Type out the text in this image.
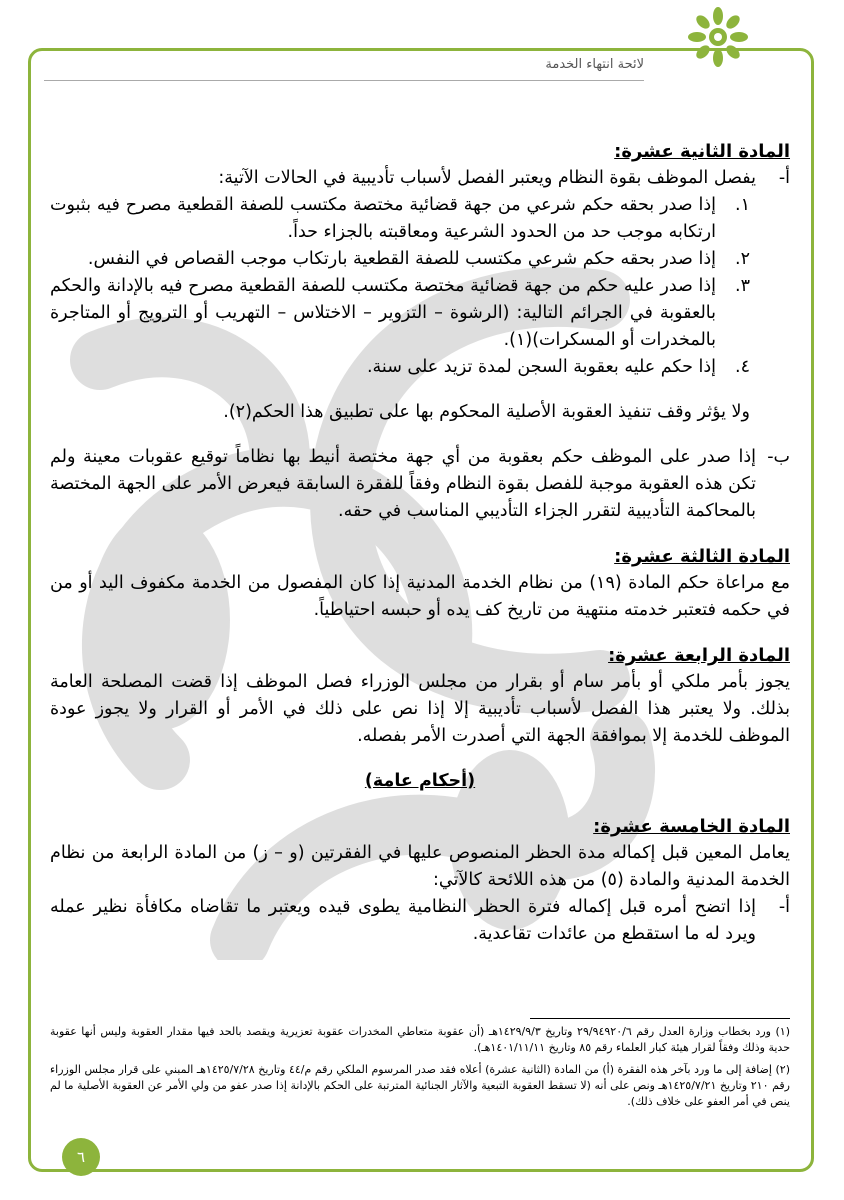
لائحة انتهاء الخدمة
المادة الثانية عشرة:
أ-
يفصل الموظف بقوة النظام ويعتبر الفصل لأسباب تأديبية في الحالات الآتية:
١.
إذا صدر بحقه حكم شرعي من جهة قضائية مختصة مكتسب للصفة القطعية مصرح فيه بثبوت ارتكابه موجب حد من الحدود الشرعية ومعاقبته بالجزاء حداً.
٢.
إذا صدر بحقه حكم شرعي مكتسب للصفة القطعية بارتكاب موجب القصاص في النفس.
٣.
إذا صدر عليه حكم من جهة قضائية مختصة مكتسب للصفة القطعية مصرح فيه بالإدانة والحكم بالعقوبة في الجرائم التالية: (الرشوة – التزوير – الاختلاس – التهريب أو الترويج أو المتاجرة بالمخدرات أو المسكرات)(١).
٤.
إذا حكم عليه بعقوبة السجن لمدة تزيد على سنة.

ولا يؤثر وقف تنفيذ العقوبة الأصلية المحكوم بها على تطبيق هذا الحكم(٢).

ب-
إذا صدر على الموظف حكم بعقوبة من أي جهة مختصة أنيط بها نظاماً توقيع عقوبات معينة ولم تكن هذه العقوبة موجبة للفصل بقوة النظام وفقاً للفقرة السابقة فيعرض الأمر على الجهة المختصة بالمحاكمة التأديبية لتقرر الجزاء التأديبي المناسب في حقه.
المادة الثالثة عشرة:

مع مراعاة حكم المادة (١٩) من نظام الخدمة المدنية إذا كان المفصول من الخدمة مكفوف اليد أو من في حكمه فتعتبر خدمته منتهية من تاريخ كف يده أو حبسه احتياطياً.

المادة الرابعة عشرة:

يجوز بأمر ملكي أو بأمر سام أو بقرار من مجلس الوزراء فصل الموظف إذا قضت المصلحة العامة بذلك. ولا يعتبر هذا الفصل لأسباب تأديبية إلا إذا نص على ذلك في الأمر أو القرار ولا يجوز عودة الموظف للخدمة إلا بموافقة الجهة التي أصدرت الأمر بفصله.

(أحكام عامة)

المادة الخامسة عشرة:

يعامل المعين قبل إكماله مدة الحظر المنصوص عليها في الفقرتين (و – ز) من المادة الرابعة من نظام الخدمة المدنية والمادة (٥) من هذه اللائحة كالآتي:

أ-
إذا اتضح أمره قبل إكماله فترة الحظر النظامية يطوى قيده ويعتبر ما تقاضاه مكافأة نظير عمله ويرد له ما استقطع من عائدات تقاعدية.

(١) ورد بخطاب وزارة العدل رقم ٢٩/٩٤٩٢٠/٦ وتاريخ ١٤٢٩/٩/٣هـ (أن عقوبة متعاطي المخدرات عقوبة تعزيرية ويقصد بالحد فيها مقدار العقوبة وليس أنها عقوبة حدية وذلك وفقاً لقرار هيئة كبار العلماء رقم ٨٥ وتاريخ ١٤٠١/١١/١١هـ).

(٢) إضافة إلى ما ورد بآخر هذه الفقرة (أ) من المادة (الثانية عشرة) أعلاه فقد صدر المرسوم الملكي رقم م/٤٤ وتاريخ ١٤٢٥/٧/٢٨هـ المبني على قرار مجلس الوزراء رقم ٢١٠ وتاريخ ١٤٢٥/٧/٢١هـ ونص على أنه (لا تسقط العقوبة التبعية والآثار الجنائية المترتبة على الحكم بالإدانة إذا صدر عفو من ولي الأمر عن العقوبة الأصلية ما لم ينص في أمر العفو على خلاف ذلك).

٦
